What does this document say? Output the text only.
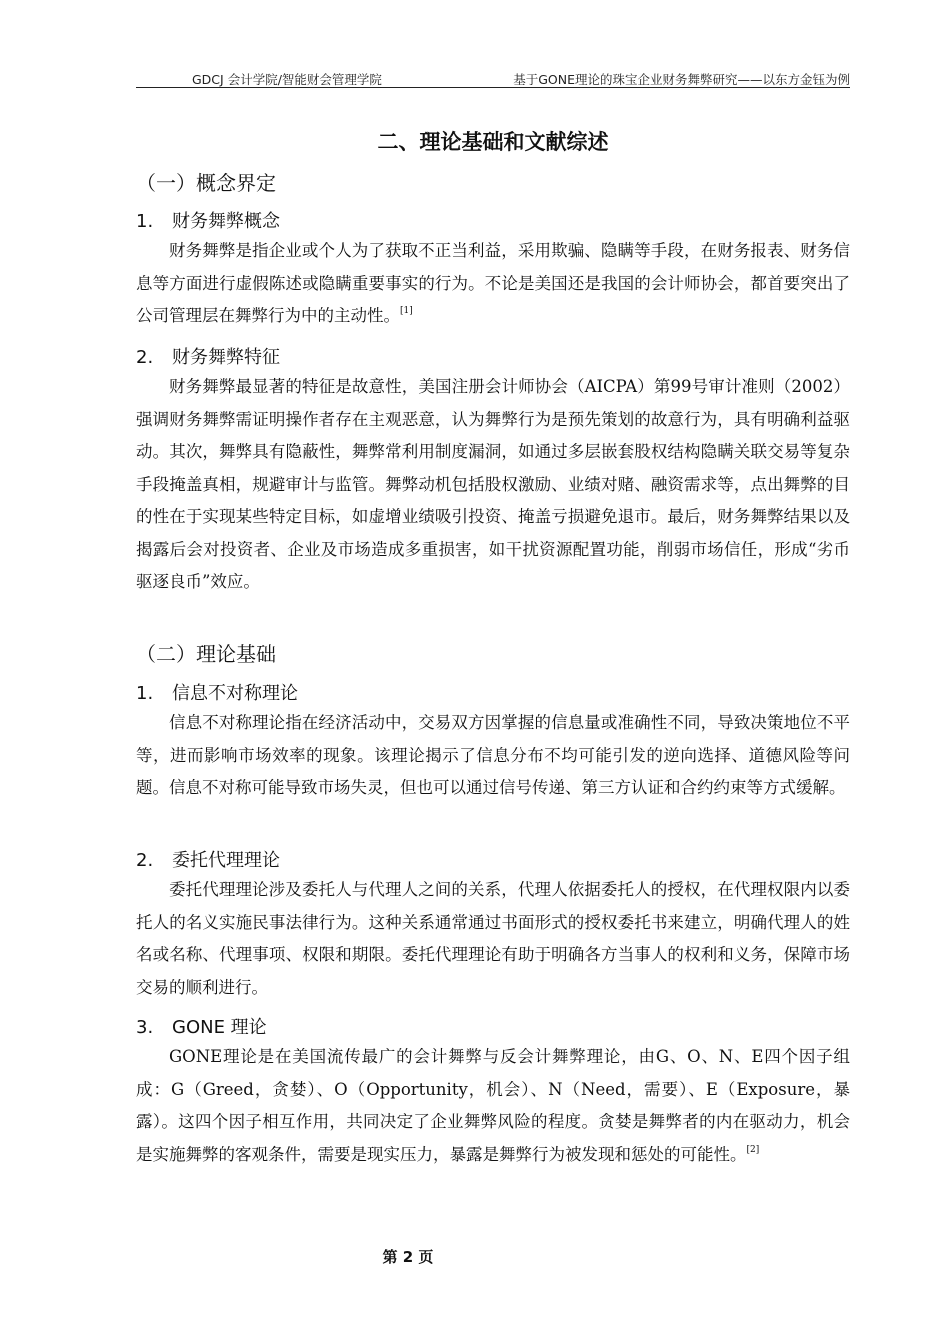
GDCJ 会计学院/智能财会管理学院	基于GONE理论的珠宝企业财务舞弊研究——以东方金钰为例
二、理论基础和文献综述
（一）概念界定
1. 财务舞弊概念

财务舞弊是指企业或个人为了获取不正当利益，采用欺骗、隐瞒等手段，在财务报表、财务信息等方面进行虚假陈述或隐瞒重要事实的行为。不论是美国还是我国的会计师协会，都首要突出了公司管理层在舞弊行为中的主动性。[1]

2. 财务舞弊特征

财务舞弊最显著的特征是故意性，美国注册会计师协会（AICPA）第99号审计准则（2002）强调财务舞弊需证明操作者存在主观恶意，认为舞弊行为是预先策划的故意行为，具有明确利益驱动。其次，舞弊具有隐蔽性，舞弊常利用制度漏洞，如通过多层嵌套股权结构隐瞒关联交易等复杂手段掩盖真相，规避审计与监管。舞弊动机包括股权激励、业绩对赌、融资需求等，点出舞弊的目的性在于实现某些特定目标，如虚增业绩吸引投资、掩盖亏损避免退市。最后，财务舞弊结果以及揭露后会对投资者、企业及市场造成多重损害，如干扰资源配置功能，削弱市场信任，形成“劣币驱逐良币”效应。

（二）理论基础
1. 信息不对称理论

信息不对称理论指在经济活动中，交易双方因掌握的信息量或准确性不同，导致决策地位不平等，进而影响市场效率的现象。该理论揭示了信息分布不均可能引发的逆向选择、道德风险等问题。信息不对称可能导致市场失灵，但也可以通过信号传递、第三方认证和合约约束等方式缓解。

2. 委托代理理论

委托代理理论涉及委托人与代理人之间的关系，代理人依据委托人的授权，在代理权限内以委托人的名义实施民事法律行为。这种关系通常通过书面形式的授权委托书来建立，明确代理人的姓名或名称、代理事项、权限和期限。委托代理理论有助于明确各方当事人的权利和义务，保障市场交易的顺利进行。

3. GONE 理论

GONE理论是在美国流传最广的会计舞弊与反会计舞弊理论，由G、O、N、E四个因子组成：G（Greed，贪婪）、O（Opportunity，机会）、N（Need，需要）、E（Exposure，暴露）。这四个因子相互作用，共同决定了企业舞弊风险的程度。贪婪是舞弊者的内在驱动力，机会是实施舞弊的客观条件，需要是现实压力，暴露是舞弊行为被发现和惩处的可能性。[2]

第 2 页
